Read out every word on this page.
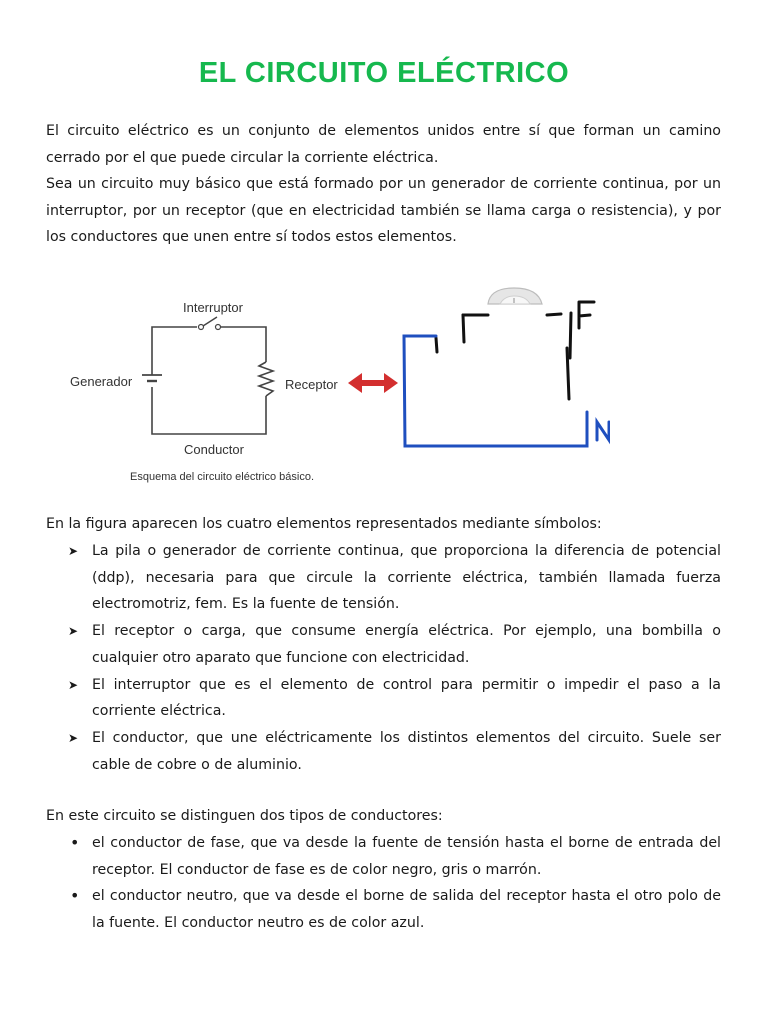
EL CIRCUITO ELÉCTRICO
El circuito eléctrico es un conjunto de elementos unidos entre sí que forman un camino cerrado por el que puede circular la corriente eléctrica.
Sea un circuito muy básico que está formado por un generador de corriente continua, por un interruptor, por un receptor (que en electricidad también se llama carga o resistencia), y por los conductores que unen entre sí todos estos elementos.
Interruptor
Generador	Receptor
Conductor
Esquema del circuito eléctrico básico.

En la figura aparecen los cuatro elementos representados mediante símbolos:

➤ La pila o generador de corriente continua, que proporciona la diferencia de potencial (ddp), necesaria para que circule la corriente eléctrica, también llamada fuerza electromotriz, fem. Es la fuente de tensión.
➤ El receptor o carga, que consume energía eléctrica. Por ejemplo, una bombilla o cualquier otro aparato que funcione con electricidad.
➤ El interruptor que es el elemento de control para permitir o impedir el paso a la corriente eléctrica.
➤ El conductor, que une eléctricamente los distintos elementos del circuito. Suele ser cable de cobre o de aluminio.

En este circuito se distinguen dos tipos de conductores:

• el conductor de fase, que va desde la fuente de tensión hasta el borne de entrada del receptor. El conductor de fase es de color negro, gris o marrón.
• el conductor neutro, que va desde el borne de salida del receptor hasta el otro polo de la fuente. El conductor neutro es de color azul.
